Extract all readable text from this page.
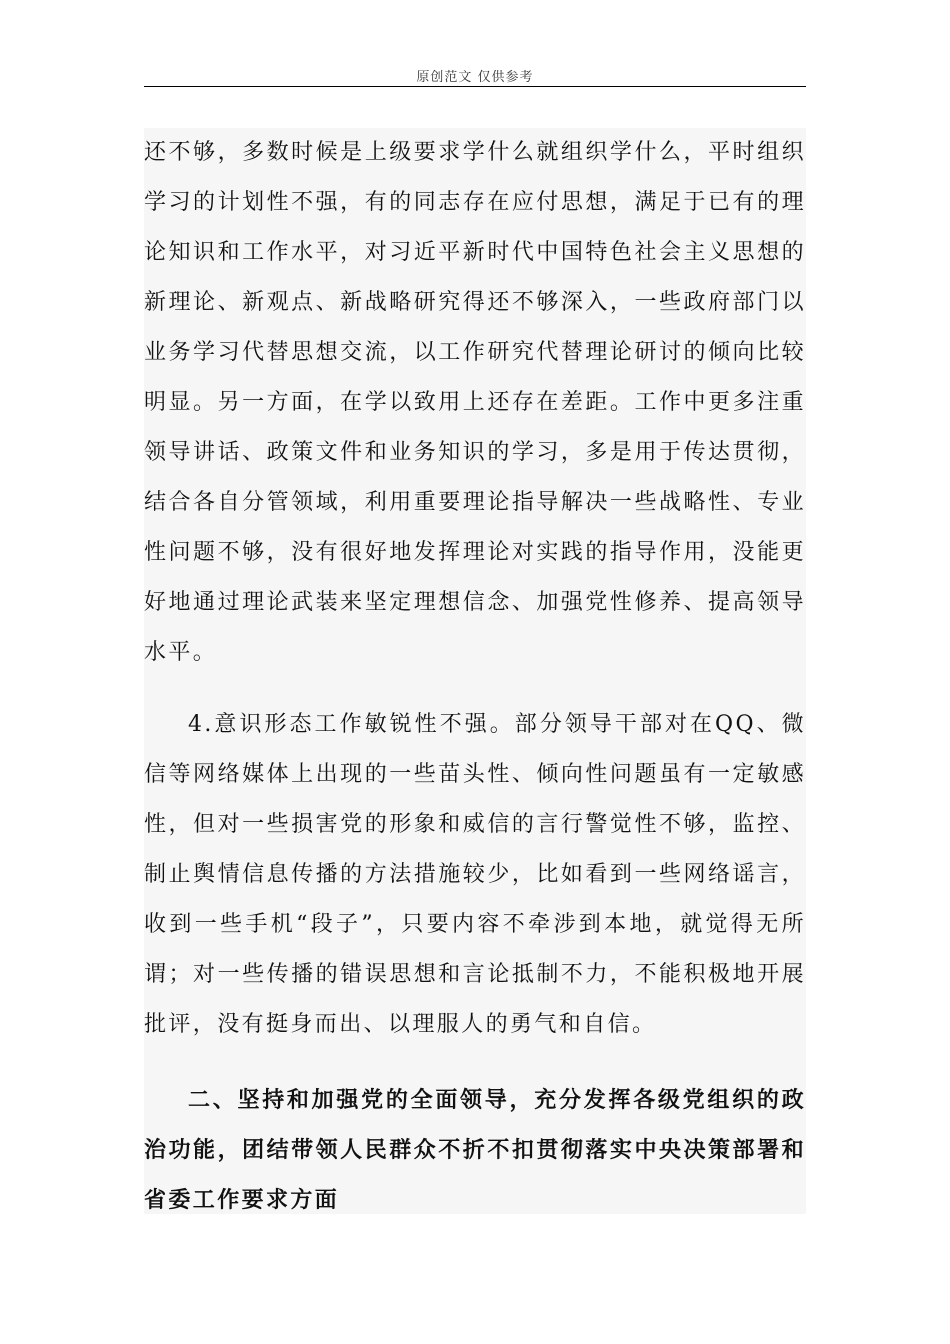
原创范文 仅供参考

还不够，多数时候是上级要求学什么就组织学什么，平时组织学习的计划性不强，有的同志存在应付思想，满足于已有的理论知识和工作水平，对习近平新时代中国特色社会主义思想的新理论、新观点、新战略研究得还不够深入，一些政府部门以业务学习代替思想交流，以工作研究代替理论研讨的倾向比较明显。另一方面，在学以致用上还存在差距。工作中更多注重领导讲话、政策文件和业务知识的学习，多是用于传达贯彻，结合各自分管领域，利用重要理论指导解决一些战略性、专业性问题不够，没有很好地发挥理论对实践的指导作用，没能更好地通过理论武装来坚定理想信念、加强党性修养、提高领导水平。

4.意识形态工作敏锐性不强。部分领导干部对在QQ、微信等网络媒体上出现的一些苗头性、倾向性问题虽有一定敏感性，但对一些损害党的形象和威信的言行警觉性不够，监控、制止舆情信息传播的方法措施较少，比如看到一些网络谣言，收到一些手机“段子”，只要内容不牵涉到本地，就觉得无所谓；对一些传播的错误思想和言论抵制不力，不能积极地开展批评，没有挺身而出、以理服人的勇气和自信。

二、坚持和加强党的全面领导，充分发挥各级党组织的政治功能，团结带领人民群众不折不扣贯彻落实中央决策部署和省委工作要求方面
